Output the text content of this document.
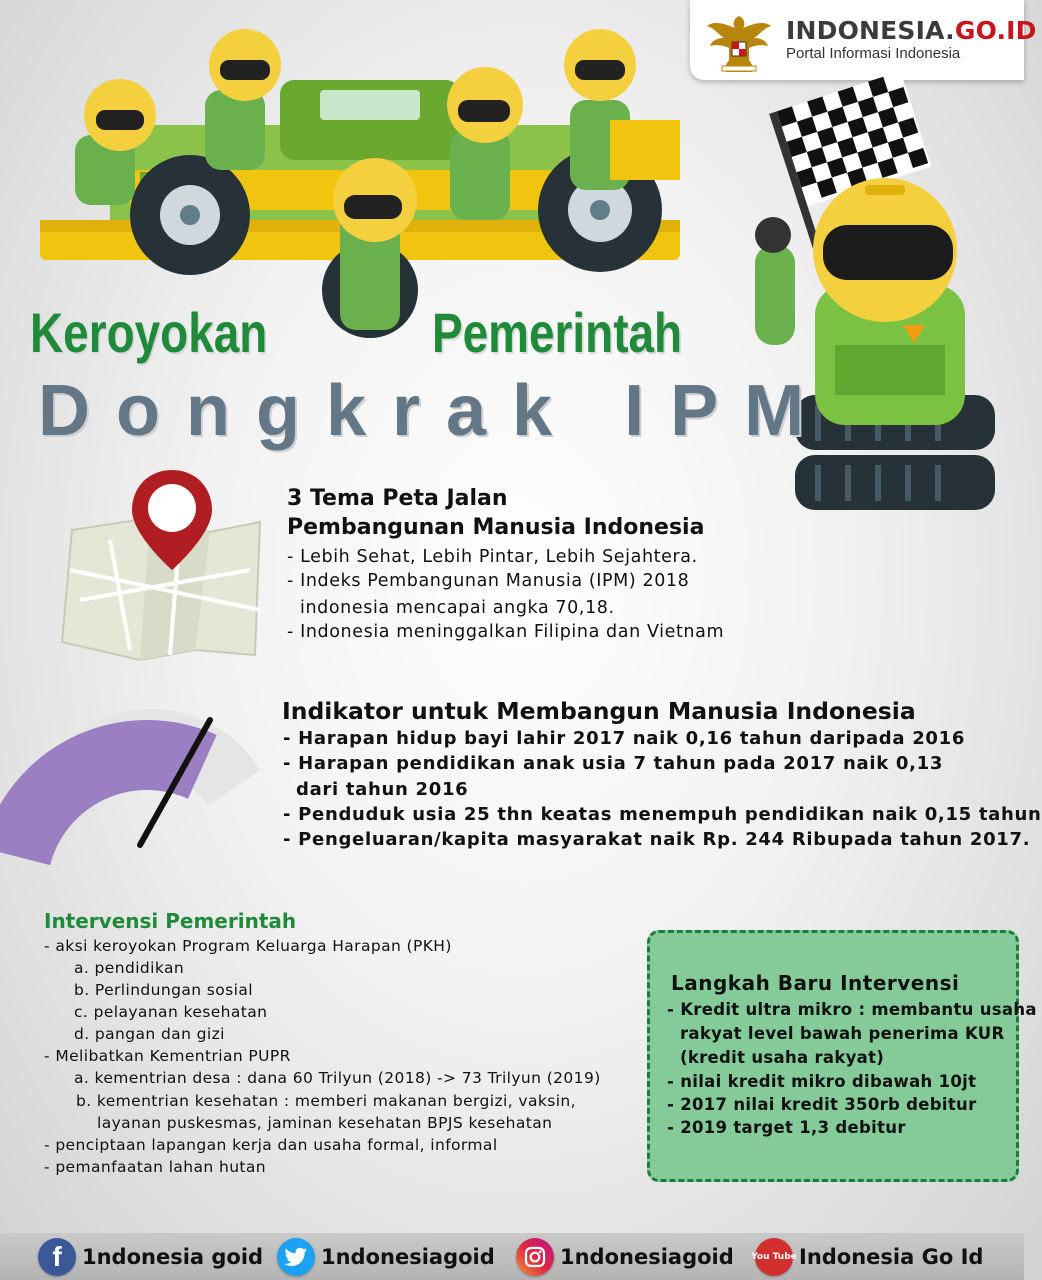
INDONESIA.GO.ID
Portal Informasi Indonesia
Keroyokan	Pemerintah
Dongkrak IPM
3 Tema Peta Jalan
Pembangunan Manusia Indonesia
- Lebih Sehat, Lebih Pintar, Lebih Sejahtera.
- Indeks Pembangunan Manusia (IPM) 2018
indonesia mencapai angka 70,18.
- Indonesia meninggalkan Filipina dan Vietnam
Indikator untuk Membangun Manusia Indonesia
- Harapan hidup bayi lahir 2017 naik 0,16 tahun daripada 2016
- Harapan pendidikan anak usia 7 tahun pada 2017 naik 0,13
dari tahun 2016
- Penduduk usia 25 thn keatas menempuh pendidikan naik 0,15 tahun
- Pengeluaran/kapita masyarakat naik Rp. 244 Ribupada tahun 2017.
Intervensi Pemerintah
- aksi keroyokan Program Keluarga Harapan (PKH)
a. pendidikan
b. Perlindungan sosial
c. pelayanan kesehatan
d. pangan dan gizi
- Melibatkan Kementrian PUPR
a. kementrian desa : dana 60 Trilyun (2018) -> 73 Trilyun (2019)
b. kementrian kesehatan : memberi makanan bergizi, vaksin,
layanan puskesmas, jaminan kesehatan BPJS kesehatan
- penciptaan lapangan kerja dan usaha formal, informal
- pemanfaatan lahan hutan
Langkah Baru Intervensi
- Kredit ultra mikro : membantu usaha
rakyat level bawah penerima KUR
(kredit usaha rakyat)
- nilai kredit mikro dibawah 10jt
- 2017 nilai kredit 350rb debitur
- 2019 target 1,3 debitur
f 1ndonesia goid	1ndonesiagoid	1ndonesiagoid You Tube Indonesia Go Id
